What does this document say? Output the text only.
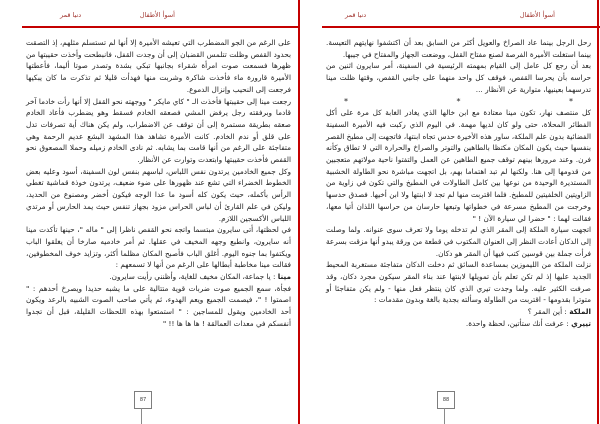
أسوأ الأطفال
دنيا قمر

على الرغم من الجو المضطرب التي تعيشه الأميرة إلا أنها لم تستسلم مثلهم، إذ التصقت بحدود القفص وظلت تتلمس القضبان إلى أن وجدت القفل، فانبطحت وأخذت حقيبتها من ظهرها فسمعت صوت امرأة شقراء بجانبها تبكي بشدة وتصدر صوتا أليما، فأعطتها الأميرة قارورة ماء فأخذت شاكرة وشربت منها فهدأت قليلا ثم تذكرت ما كان يبكيها فرجعت إلى النحيب وإنزال الدموع.

رجعت مينا إلى حقيبتها فأخذت الـ " كاي مايكر " ووجهته نحو القفل إلا أنها رأت خادما آخر قادما وبرفقته رجل يرفض المشي فصعقه الخادم فسقط وهو يضطرب فأعاد الخادم صعقه بطريقة مستمرة إلى أن توقف عن الاضطراب، ولم يكن هناك أية تصرفات تدل على قلق أو ندم الخادم. كانت الأميرة تشاهد هذا المشهد البشع عديم الرحمة وهي متفاجئة على الرغم من أنها قامت بما يشابه. ثم نادى الخادم زميله وحملا المصعوق نحو القفص فأخذت حقيبتها وابتعدت وتوارت عن الأنظار.

وكل جميع الخادمين يرتدون نفس اللباس، لباسهم بنفس لون السفينة، أسود وعليه بعض الخطوط الخضراء التي تشع عند ظهورها على ضوء ضعيف، يرتدون خوذة قماشية تغطي الرأس بأكمله، حيث يكون كله أسود ما عدا الوجه فيكون أخضر ومصنوع من الحديد، وليكن في علم القارئ أن لباس الحراس مزود بجهاز تنفس حيث يمد الحارس أو مرتدي اللباس الأكسجين اللازم.

في لحظتها، أتى سايرون مبتسما واتجه نحو القفص ناظرا إلى " ماله "، حينها تأكدت مينا أنه سايرون، وانطبع وجهه المخيف في عقلها. ثم أمر خادميه صارخا أن يغلقوا الباب ويكتفوا بما جنوه اليوم. أغلق الباب فأصبح المكان مظلما أكثر، وتزايد خوف المخطوفين، فقالت مينا مخاطبة أبطالها على الرغم من أنها لا تسمعهم :

مينا : يا جماعة، المكان مخيف للغاية، وأظنني رأيت سايرون.

فجأة، سمع الجميع صوت ضربات قوية متتالية على ما يشبه حديدا ويصرخ أحدهم : " اصمتوا ! "، فيصمت الجميع ويعم الهدوء، ثم يأتي صاحب الصوت الشبيه بالرعد ويكون أحد الخادمين ويقول للمساجين : " استمتعوا بهذه اللحظات القليلة، قبل أن تجدوا أنفسكم في معدات العمالقة ! ها ها ها !! "

أسوأ الأطفال
دنيا قمر

رحل الرجل بينما عاد الصراخ والعويل أكثر من السابق بعد أن اكتشفوا نهايتهم التعيسة. بينما استغلت الأميرة الفرصة لصنع مفتاح القفل، ووضعت الجهاز والمفتاح في جيبها.

بعد أن رجع كل عامل إلى القيام بمهمته الرئيسية في السفينة، أمر سايرون اثنين من حراسه بأن يحرسا القفص، فوقف كل واحد منهما على جانبي القفص، وقتها ظلت مينا تدرسهما بعينيها، متوارية عن الأنظار ...

*
*
*

كل منتصف نهار، تكون مينا معتادة مع ابن خالها الذي يغادر الغابة كل مرة على أكل الفطائر المحلاة، حتى ولو كان لديها مهمة. في اليوم الذي ركبت فيه الأميرة السفينة الفضائية بدون علم الملكة، ساور هذه الأخيرة حدس تجاه ابنتها، فاتجهت إلى مطبخ القصر بنفسها حيث يكون المكان مكتظا بالطاهين والتوتر والصراخ والحرارة التي لا تطاق وكأنه فرن. وعند مرورها بينهم توقف جميع الطاهين عن العمل والتفتوا ناحية مولاتهم متعجبين من قدومها إلى هنا. ولكنها لم تبد اهتماما بهم، بل اتجهت مباشرة نحو الطاولة الخشبية المستديرة الوحيدة من نوعها بين كامل الطاولات في المطبخ والتي تكون في زاوية من الزاويتين الخلفيتين للمطبخ. فلما اقتربت منها لم تجد لا ابنتها ولا ابن أخيها. فصدق حدسها وخرجت من المطبخ مسرعة في خطواتها وتبعها حارسان من حراسها اللذان أتيا معها، فقالت لهما : " حضرا لي سيارة الآن ! "

اتجهت سيارة الملكة إلى المقر الذي لم تدخله يوما ولا تعرف سوى عنوانه. ولما وصلت إلى الدكان أعادت النظر إلى العنوان المكتوب في قطعة من ورقة يبدو أنها مزقت بسرعة فرأت جملة بين قوسين كتب فيها أن المقر هو دكان.

نزلت الملكة من الليموزين بمساعدة السائق ثم دخلت الدكان متفاجئة مستغربة المحيط الجديد عليها إذ لم تكن تعلم بأن تمويلها لابنتها عند بناء المقر سيكون مجرد دكان، وقد صرفت الكثير عليه. ولما وجدت تيري الذي كان ينتظر فعل منها - ولم يكن متفاجئا أو متوترا بقدومها - اقتربت من الطاولة وسألته بجدية بالغة وبدون مقدمات :

الملكة : أين المقر ؟

تييري : عرفت أنك ستأتين، لحظة واحدة.

87	88
